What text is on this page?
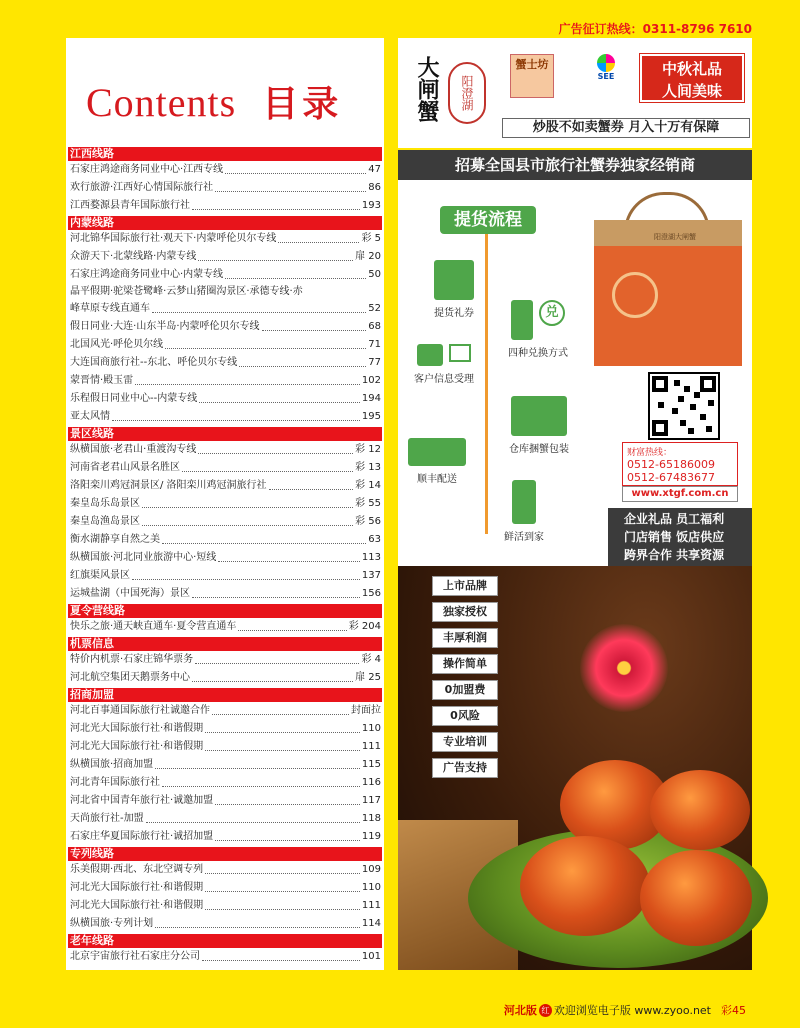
广告征订热线：0311-8796 7610
Contents 目录
江西线路
石家庄鸿途商务同业中心·江西专线	47
欢行旅游·江西好心情国际旅行社	86
江西婺源县青年国际旅行社	193
内蒙线路
河北锦华国际旅行社·观天下·内蒙呼伦贝尔专线	彩 5
众游天下·北蒙线路·内蒙专线	扉 20
石家庄鸿途商务同业中心·内蒙专线	50
晶平假期·驼梁苍鹭峰·云梦山猪圈沟景区·承德专线·赤
峰草原专线直通车	52
假日同业·大连·山东半岛·内蒙呼伦贝尔专线	68
北国风光·呼伦贝尔线	71
大连国商旅行社--东北、呼伦贝尔专线	77
蒙晋情·殿玉雷	102
乐程假日同业中心--内蒙专线	194
亚太风情	195
景区线路
纵横国旅·老君山·重渡沟专线	彩 12
河南省老君山风景名胜区	彩 13
洛阳栾川鸡冠洞景区/ 洛阳栾川鸡冠洞旅行社	彩 14
秦皇岛乐岛景区	彩 55
秦皇岛渔岛景区	彩 56
衡水湖静享自然之美	63
纵横国旅·河北同业旅游中心·短线	113
红旗渠风景区	137
运城盐湖（中国死海）景区	156
夏令营线路
快乐之旅·通天峡直通车·夏令营直通车	彩 204
机票信息
特价内机票·石家庄锦华票务	彩 4
河北航空集团天鹅票务中心	扉 25
招商加盟
河北百事通国际旅行社诚邀合作	封面拉
河北光大国际旅行社·和谐假期	110
河北光大国际旅行社·和谐假期	111
纵横国旅·招商加盟	115
河北青年国际旅行社	116
河北省中国青年旅行社·诚邀加盟	117
天尚旅行社-加盟	118
石家庄华夏国际旅行社·诚招加盟	119
专列线路
乐美假期·西北、东北空调专列	109
河北光大国际旅行社·和谐假期	110
河北光大国际旅行社·和谐假期	111
纵横国旅·专列计划	114
老年线路
北京宇宙旅行社石家庄分公司	101
大闸蟹	阳澄湖
蟹士坊
SEE	中秋礼品
人间美味
炒股不如卖蟹券 月入十万有保障
招募全国县市旅行社蟹券独家经销商
提货流程
提货礼券	兑
四种兑换方式
客户信息受理
仓库捆蟹包装
顺丰配送
鲜活到家
阳澄湖大闸蟹
财富热线：
0512-65186009
0512-67483677
www.xtgf.com.cn
企业礼品 员工福利
门店销售 饭店供应
跨界合作 共享资源
上市品牌
独家授权
丰厚利润
操作简单
0加盟费
0风险
专业培训
广告支持
河北版 红 欢迎浏览电子版 www.zyoo.net 彩45
